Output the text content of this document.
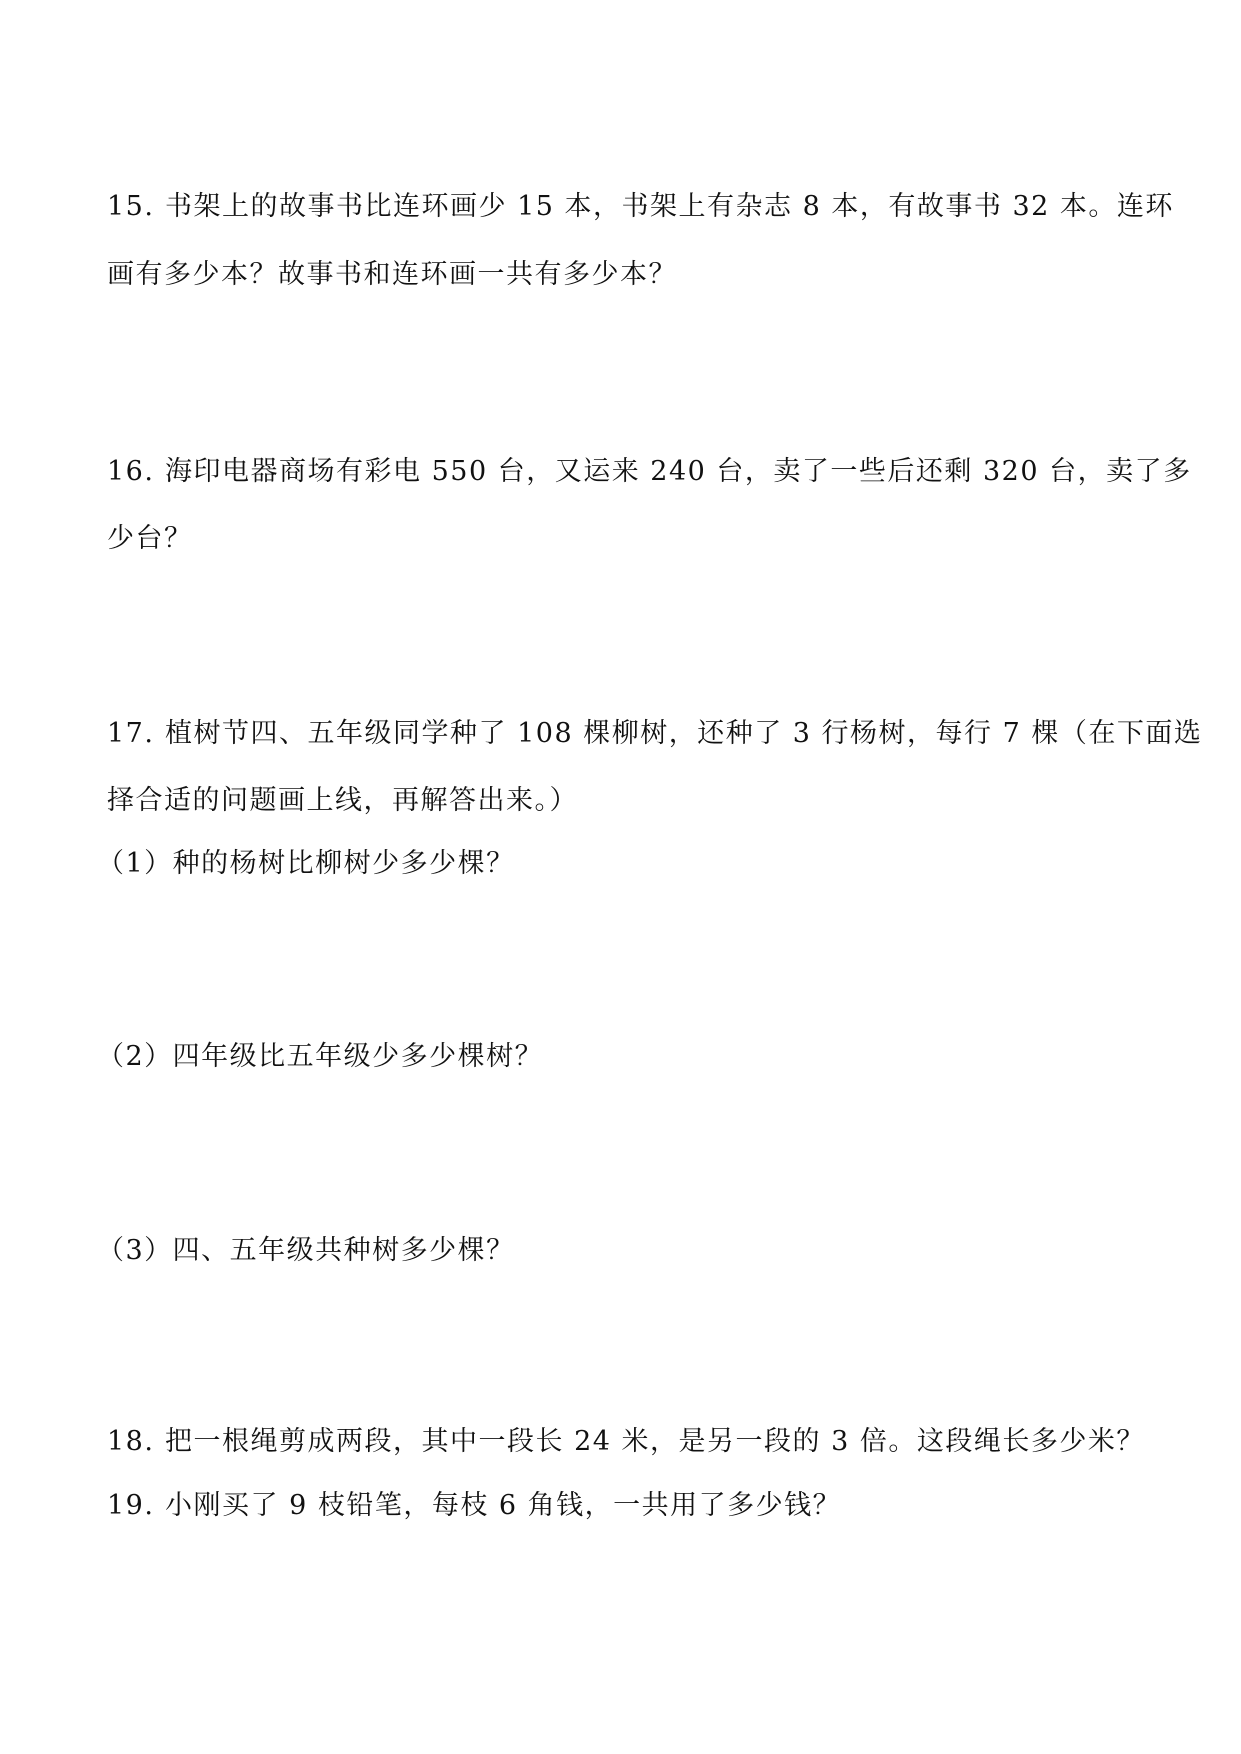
15. 书架上的故事书比连环画少 15 本，书架上有杂志 8 本，有故事书 32 本。连环
画有多少本？故事书和连环画一共有多少本？
16. 海印电器商场有彩电 550 台，又运来 240 台，卖了一些后还剩 320 台，卖了多
少台？
17. 植树节四、五年级同学种了 108 棵柳树，还种了 3 行杨树，每行 7 棵（在下面选
择合适的问题画上线，再解答出来。）
（1）种的杨树比柳树少多少棵？
（2）四年级比五年级少多少棵树？
（3）四、五年级共种树多少棵？
18. 把一根绳剪成两段，其中一段长 24 米，是另一段的 3 倍。这段绳长多少米？
19. 小刚买了 9 枝铅笔，每枝 6 角钱，一共用了多少钱？
